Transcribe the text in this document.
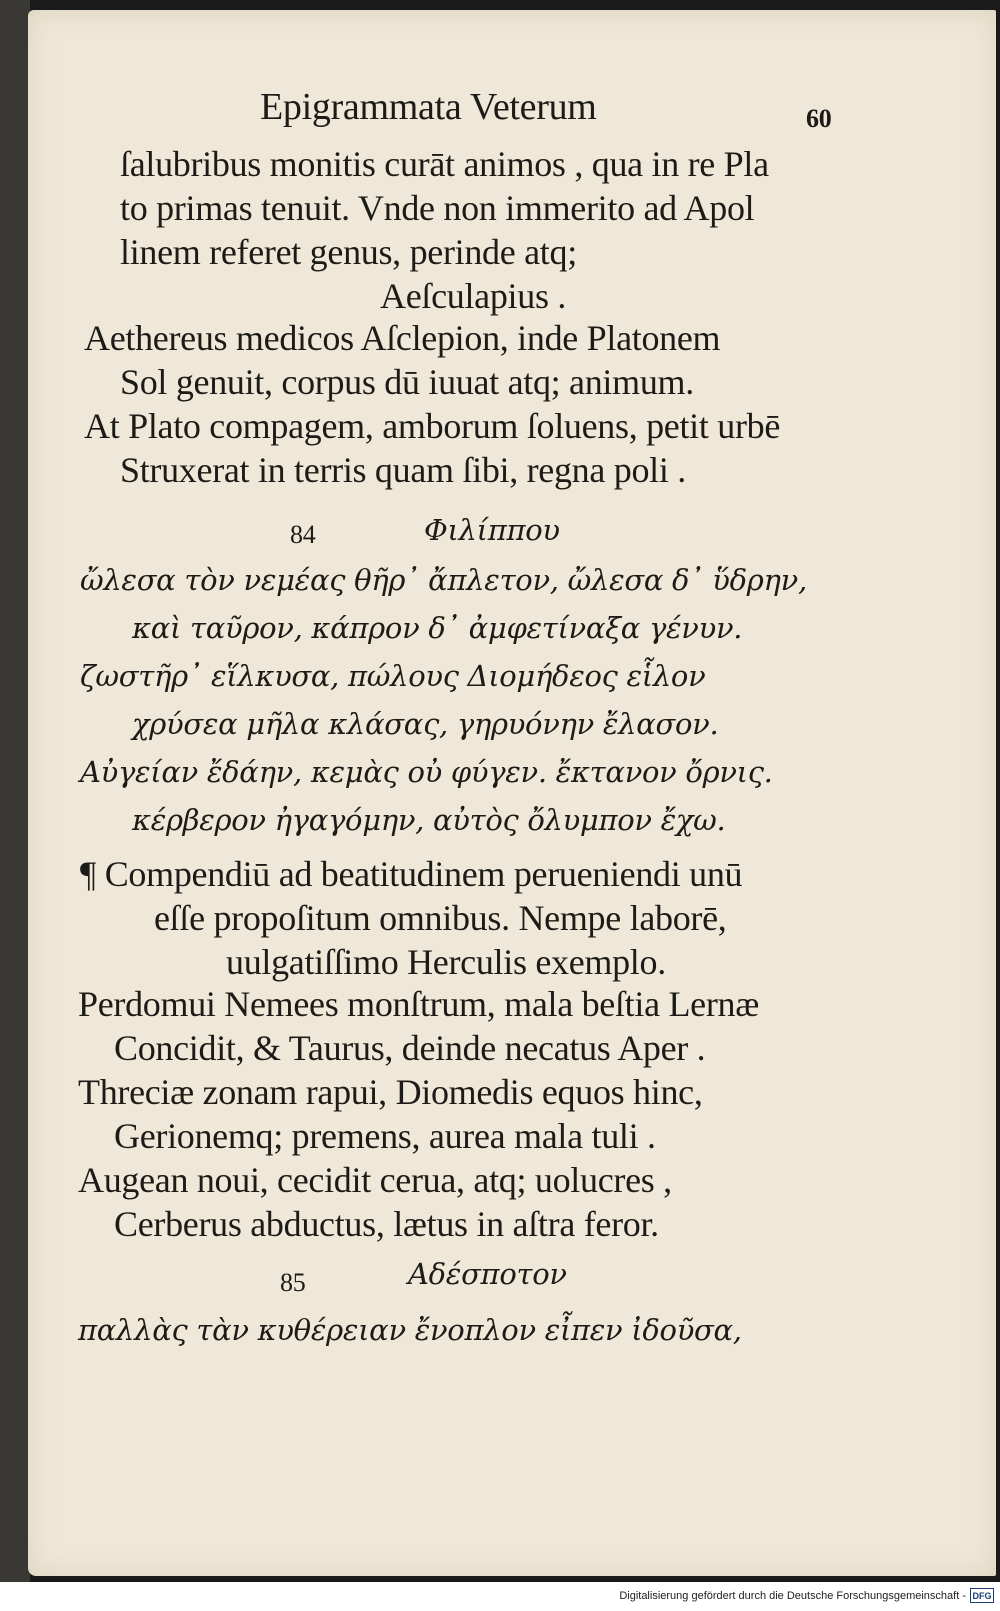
Epigrammata Veterum	60
ſalubribus monitis curāt animos , qua in re Pla
to primas tenuit. Vnde non immerito ad Apol
linem referet genus, perinde atq;
Aeſculapius .
Aethereus medicos Aſclepion, inde Platonem
Sol genuit, corpus dū iuuat atq; animum.
At Plato compagem, amborum ſoluens, petit urbē
Struxerat in terris quam ſibi, regna poli .
84	Φιλίππου
ὤλεσα τὸν νεμέας θῆρ᾽ ἄπλετον, ὤλεσα δ᾽ ὕδρην,
καὶ ταῦρον, κάπρον δ᾽ ἀμφετίναξα γένυν.
ζωστῆρ᾽ εἵλκυσα, πώλους Διομήδεος εἷλον
χρύσεα μῆλα κλάσας, γηρυόνην ἔλασον.
Αὐγείαν ἔδάην, κεμὰς οὐ φύγεν. ἔκτανον ὄρνις.
κέρβερον ἠγαγόμην, αὐτὸς ὄλυμπον ἔχω.
¶ Compendiū ad beatitudinem perueniendi unū
eſſe propoſitum omnibus. Nempe laborē,
uulgatiſſimo Herculis exemplo.
Perdomui Nemees monſtrum, mala beſtia Lernæ
Concidit, & Taurus, deinde necatus Aper .
Threciæ zonam rapui, Diomedis equos hinc,
Gerionemq; premens, aurea mala tuli .
Augean noui, cecidit cerua, atq; uolucres ,
Cerberus abductus, lætus in aſtra feror.
85	Αδέσποτον
παλλὰς τὰν κυθέρειαν ἔνοπλον εἶπεν ἰδοῦσα,
Digitalisierung gefördert durch die Deutsche Forschungsgemeinschaft - DFG
